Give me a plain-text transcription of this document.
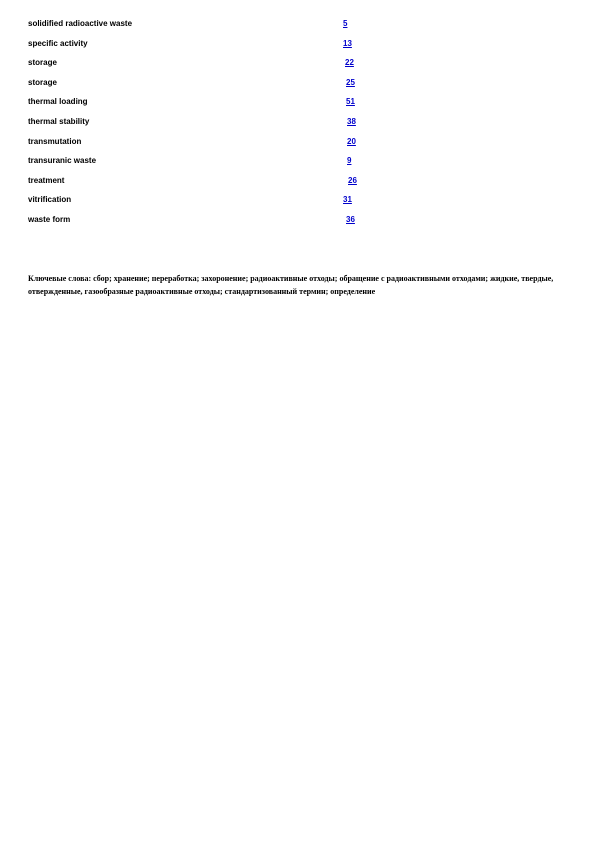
solidified radioactive waste	5
specific activity	13
storage	22
storage	25
thermal loading	51
thermal stability	38
transmutation	20
transuranic waste	9
treatment	26
vitrification	31
waste form	36

Ключевые слова: сбор; хранение; переработка; захоронение; радиоактивные отходы; обращение с радиоактивными отходами; жидкие, твердые, отвержденные, газообразные радиоактивные отходы; стандартизованный термин; определение
